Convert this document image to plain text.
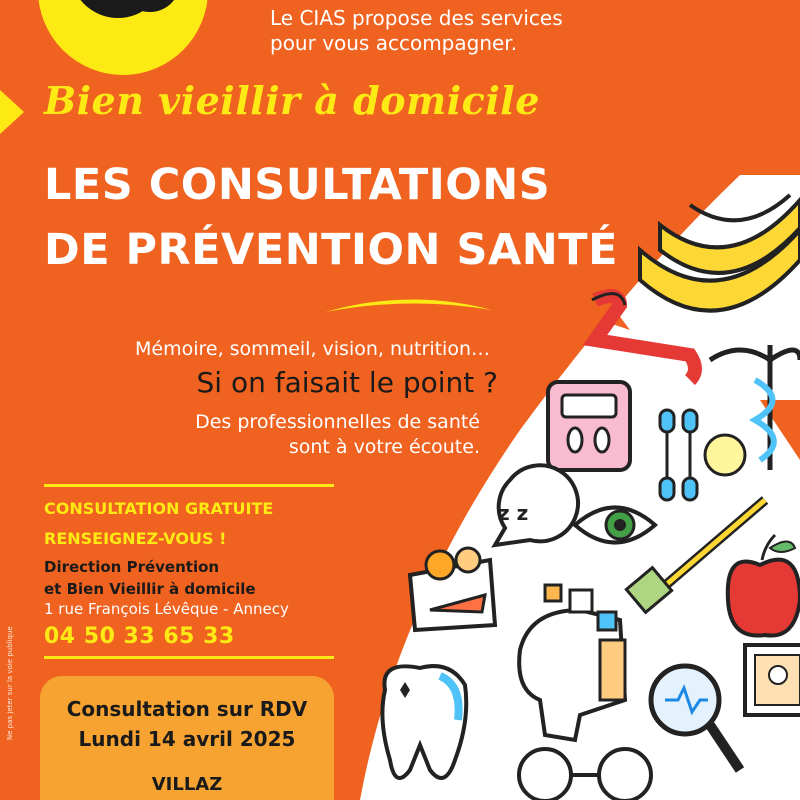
Le CIAS propose des services
pour vous accompagner.
Bien vieillir à domicile
LES CONSULTATIONS
DE PRÉVENTION SANTÉ
z z
Mémoire, sommeil, vision, nutrition…
Si on faisait le point ?
Des professionnelles de santé
sont à votre écoute.
CONSULTATION GRATUITE
RENSEIGNEZ-VOUS !
Direction Prévention
et Bien Vieillir à domicile
1 rue François Lévêque - Annecy
04 50 33 65 33
Consultation sur RDV
Lundi 14 avril 2025
VILLAZ
Ne pas jeter sur la voie publique
